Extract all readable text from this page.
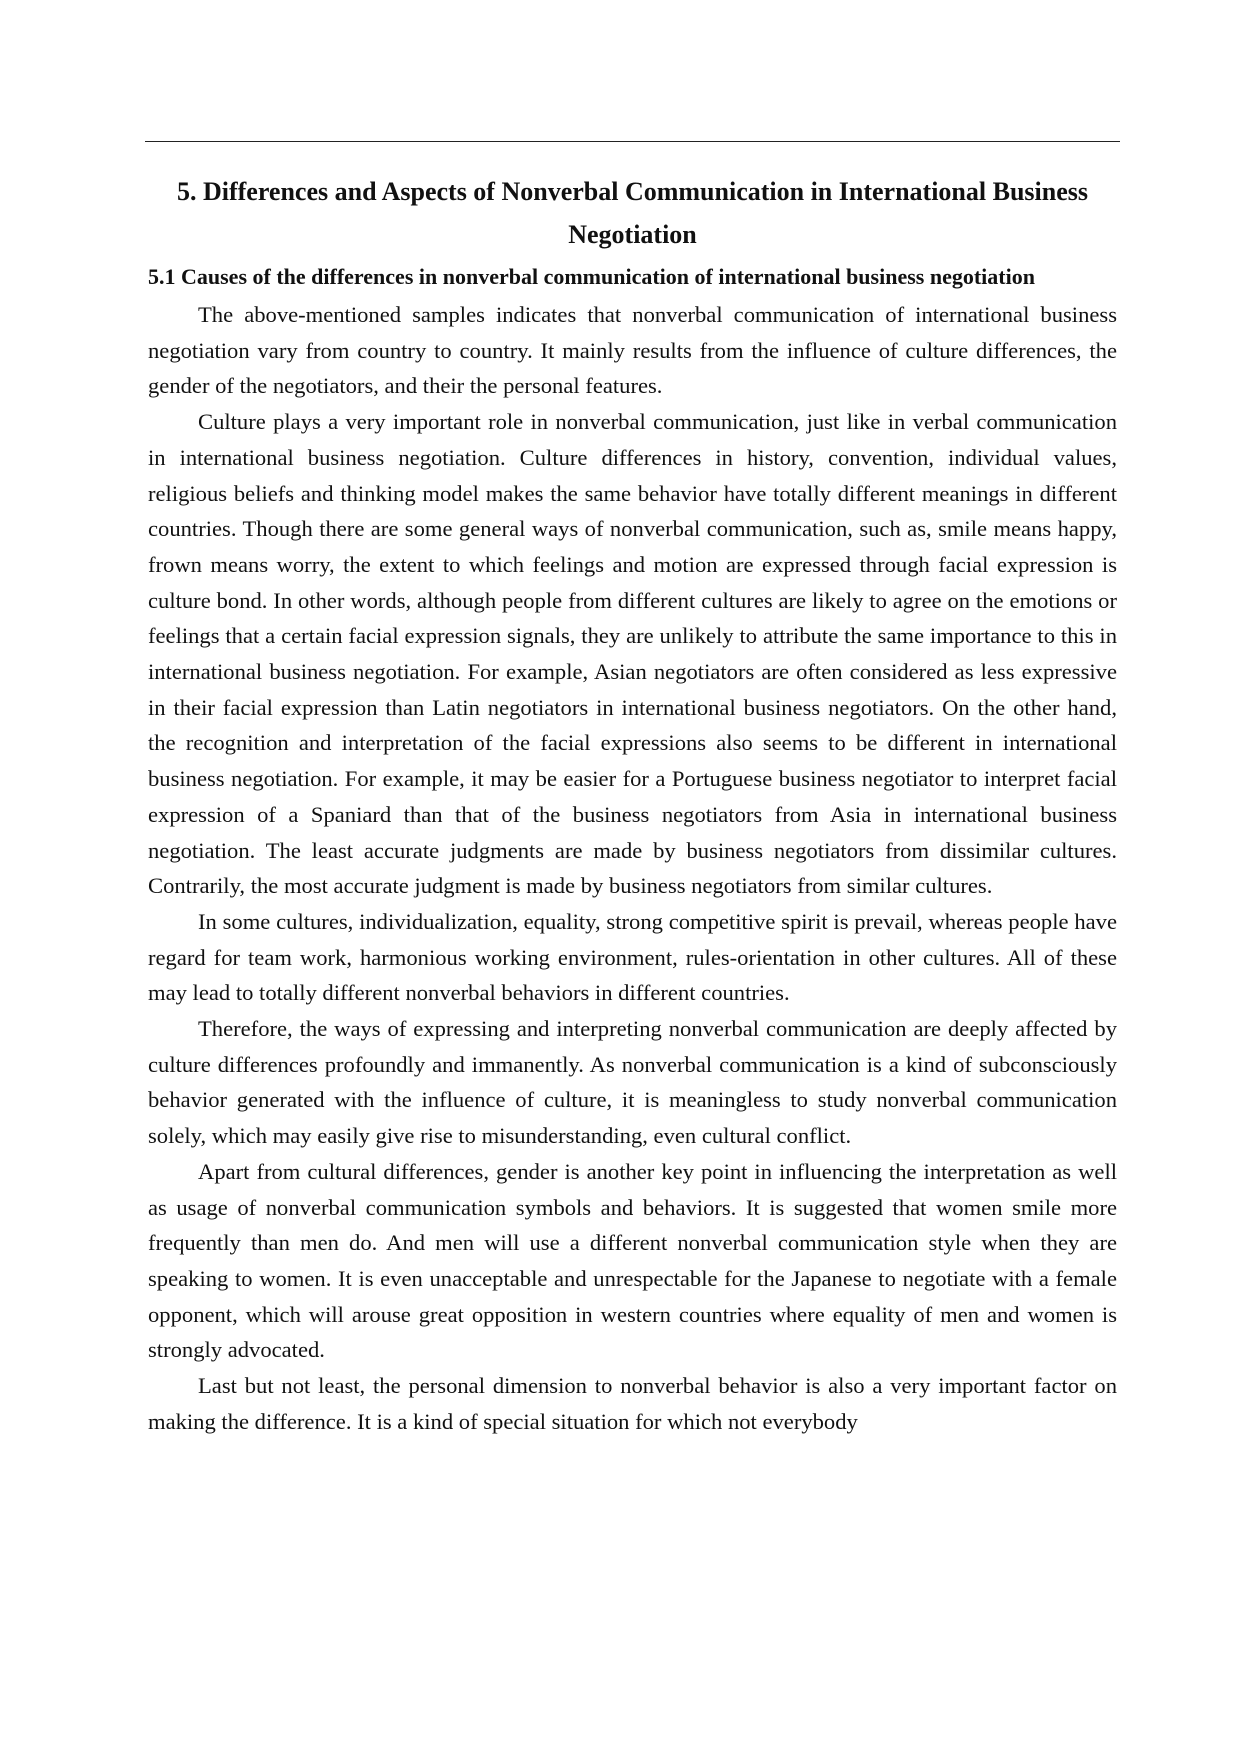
5. Differences and Aspects of Nonverbal Communication in International Business Negotiation
5.1 Causes of the differences in nonverbal communication of international business negotiation

The above-mentioned samples indicates that nonverbal communication of international business negotiation vary from country to country. It mainly results from the influence of culture differences, the gender of the negotiators, and their the personal features.

Culture plays a very important role in nonverbal communication, just like in verbal communication in international business negotiation. Culture differences in history, convention, individual values, religious beliefs and thinking model makes the same behavior have totally different meanings in different countries. Though there are some general ways of nonverbal communication, such as, smile means happy, frown means worry, the extent to which feelings and motion are expressed through facial expression is culture bond. In other words, although people from different cultures are likely to agree on the emotions or feelings that a certain facial expression signals, they are unlikely to attribute the same importance to this in international business negotiation. For example, Asian negotiators are often considered as less expressive in their facial expression than Latin negotiators in international business negotiators. On the other hand, the recognition and interpretation of the facial expressions also seems to be different in international business negotiation. For example, it may be easier for a Portuguese business negotiator to interpret facial expression of a Spaniard than that of the business negotiators from Asia in international business negotiation. The least accurate judgments are made by business negotiators from dissimilar cultures. Contrarily, the most accurate judgment is made by business negotiators from similar cultures.

In some cultures, individualization, equality, strong competitive spirit is prevail, whereas people have regard for team work, harmonious working environment, rules-orientation in other cultures. All of these may lead to totally different nonverbal behaviors in different countries.

Therefore, the ways of expressing and interpreting nonverbal communication are deeply affected by culture differences profoundly and immanently. As nonverbal communication is a kind of subconsciously behavior generated with the influence of culture, it is meaningless to study nonverbal communication solely, which may easily give rise to misunderstanding, even cultural conflict.

Apart from cultural differences, gender is another key point in influencing the interpretation as well as usage of nonverbal communication symbols and behaviors. It is suggested that women smile more frequently than men do. And men will use a different nonverbal communication style when they are speaking to women. It is even unacceptable and unrespectable for the Japanese to negotiate with a female opponent, which will arouse great opposition in western countries where equality of men and women is strongly advocated.

Last but not least, the personal dimension to nonverbal behavior is also a very important factor on making the difference. It is a kind of special situation for which not everybody
